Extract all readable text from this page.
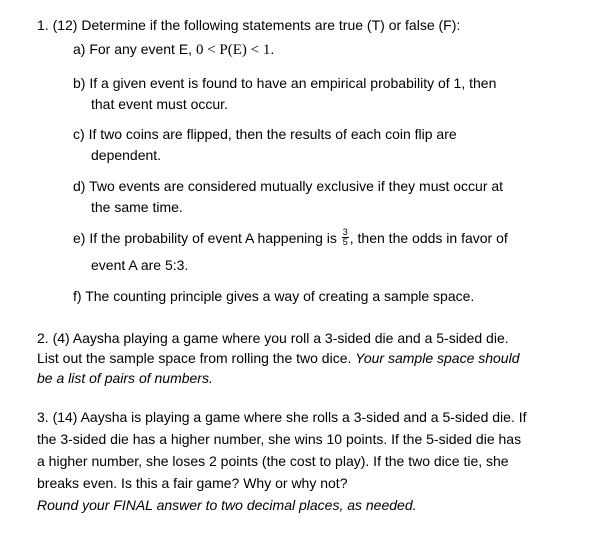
1. (12) Determine if the following statements are true (T) or false (F):
a) For any event E, 0 < P(E) < 1.
b) If a given event is found to have an empirical probability of 1, then
that event must occur.
c) If two coins are flipped, then the results of each coin flip are
dependent.
d) Two events are considered mutually exclusive if they must occur at
the same time.
e) If the probability of event A happening is $\frac{3}{5}$ , then the odds in favor of
event A are 5:3.
f) The counting principle gives a way of creating a sample space.
2. (4) Aaysha playing a game where you roll a 3-sided die and a 5-sided die.
List out the sample space from rolling the two dice. Your sample space should
be a list of pairs of numbers.
3. (14) Aaysha is playing a game where she rolls a 3-sided and a 5-sided die. If
the 3-sided die has a higher number, she wins 10 points. If the 5-sided die has
a higher number, she loses 2 points (the cost to play). If the two dice tie, she
breaks even. Is this a fair game? Why or why not?
Round your FINAL answer to two decimal places, as needed.
